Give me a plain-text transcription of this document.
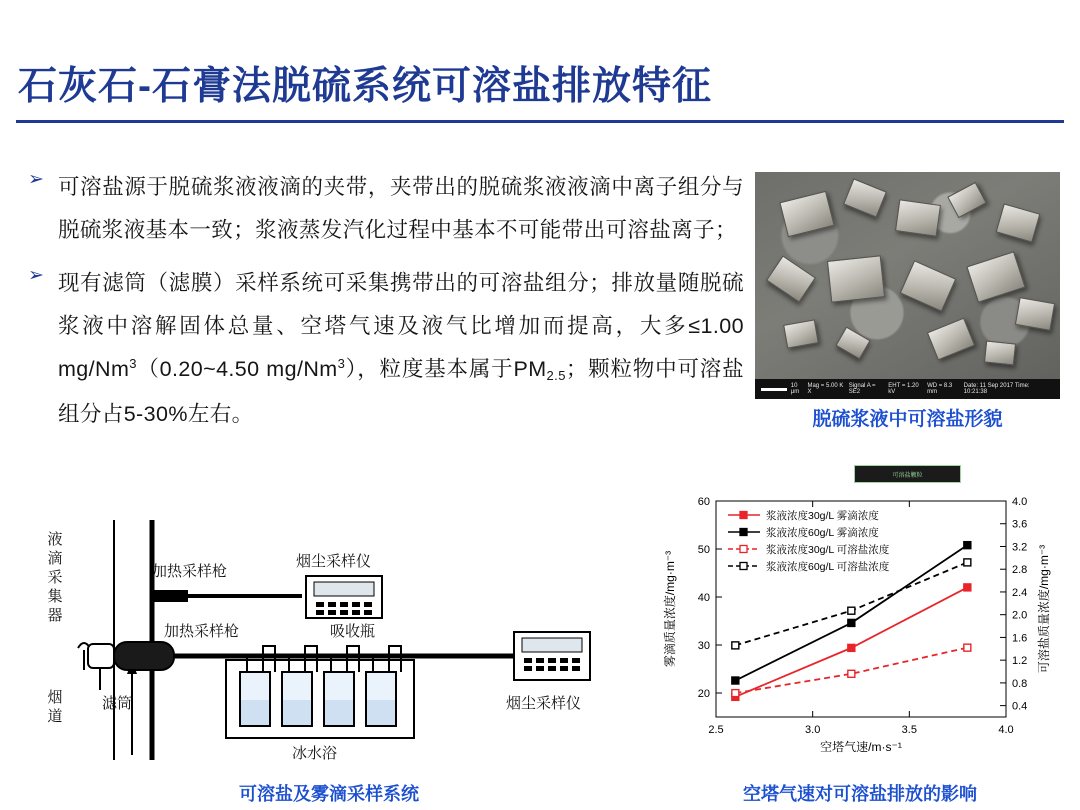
石灰石-石膏法脱硫系统可溶盐排放特征
➢ 可溶盐源于脱硫浆液液滴的夹带，夹带出的脱硫浆液液滴中离子组分与脱硫浆液基本一致；浆液蒸发汽化过程中基本不可能带出可溶盐离子；

➢ 现有滤筒（滤膜）采样系统可采集携带出的可溶盐组分；排放量随脱硫浆液中溶解固体总量、空塔气速及液气比增加而提高，大多≤1.00 mg/Nm$^3$（0.20~4.50 mg/Nm$^3$），粒度基本属于$PM_{2.5}$；颗粒物中可溶盐组分占5-30%左右。

10 μm
Mag = 5.00 K X
Signal A = SE2
EHT = 1.20 kV
WD = 8.3 mm
Date: 11 Sep 2017 Time: 10:21:38
可溶盐颗粒
脱硫浆液中可溶盐形貌
液滴采集器
烟道
加热采样枪
烟尘采样仪
加热采样枪	吸收瓶
滤筒
冰水浴
烟尘采样仪
可溶盐及雾滴采样系统
2.5	3.0	3.5	4.0
20
30
40
50
60
0.4
0.8
1.2
1.6
2.0
2.4
2.8
3.2
3.6
4.0
空塔气速/m·s⁻¹
雾滴质量浓度/mg·m⁻³	可溶盐质量浓度/mg·m⁻³
浆液浓度30g/L 雾滴浓度
浆液浓度60g/L 雾滴浓度
浆液浓度30g/L 可溶盐浓度
浆液浓度60g/L 可溶盐浓度
空塔气速对可溶盐排放的影响
